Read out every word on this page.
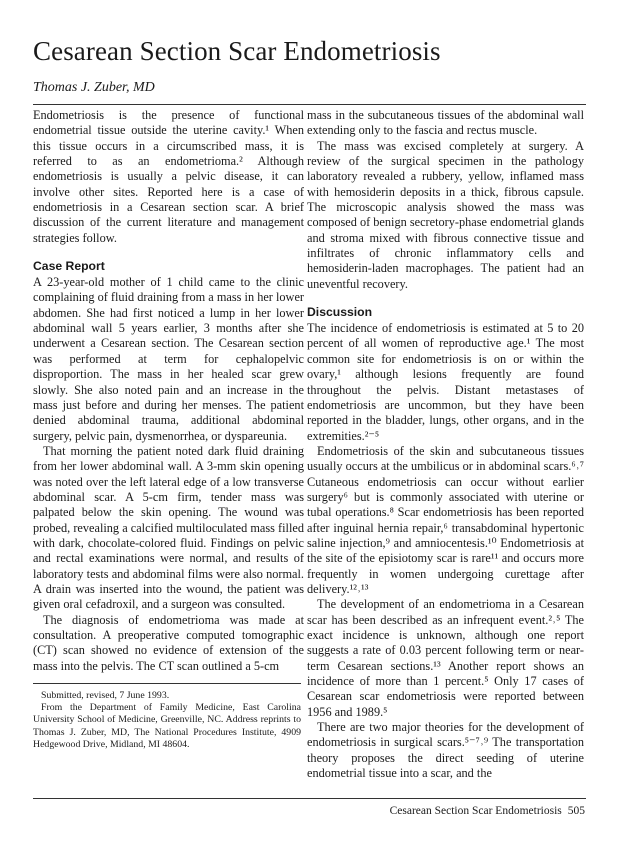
Cesarean Section Scar Endometriosis
Thomas J. Zuber, MD

Endometriosis is the presence of functional endometrial tissue outside the uterine cavity.¹ When this tissue occurs in a circumscribed mass, it is referred to as an endometrioma.² Although endometriosis is usually a pelvic disease, it can involve other sites. Reported here is a case of endometriosis in a Cesarean section scar. A brief discussion of the current literature and management strategies follow.

Case Report

A 23-year-old mother of 1 child came to the clinic complaining of fluid draining from a mass in her lower abdomen. She had first noticed a lump in her lower abdominal wall 5 years earlier, 3 months after she underwent a Cesarean section. The Cesarean section was performed at term for cephalopelvic disproportion. The mass in her healed scar grew slowly. She also noted pain and an increase in the mass just before and during her menses. The patient denied abdominal trauma, additional abdominal surgery, pelvic pain, dysmenorrhea, or dyspareunia.

That morning the patient noted dark fluid draining from her lower abdominal wall. A 3-mm skin opening was noted over the left lateral edge of a low transverse abdominal scar. A 5-cm firm, tender mass was palpated below the skin opening. The wound was probed, revealing a calcified multiloculated mass filled with dark, chocolate-colored fluid. Findings on pelvic and rectal examinations were normal, and results of laboratory tests and abdominal films were also normal. A drain was inserted into the wound, the patient was given oral cefadroxil, and a surgeon was consulted.

The diagnosis of endometrioma was made at consultation. A preoperative computed tomographic (CT) scan showed no evidence of extension of the mass into the pelvis. The CT scan outlined a 5-cm

Submitted, revised, 7 June 1993.

From the Department of Family Medicine, East Carolina University School of Medicine, Greenville, NC. Address reprints to Thomas J. Zuber, MD, The National Procedures Institute, 4909 Hedgewood Drive, Midland, MI 48604.

mass in the subcutaneous tissues of the abdominal wall extending only to the fascia and rectus muscle.

The mass was excised completely at surgery. A review of the surgical specimen in the pathology laboratory revealed a rubbery, yellow, inflamed mass with hemosiderin deposits in a thick, fibrous capsule. The microscopic analysis showed the mass was composed of benign secretory-phase endometrial glands and stroma mixed with fibrous connective tissue and infiltrates of chronic inflammatory cells and hemosiderin-laden macrophages. The patient had an uneventful recovery.

Discussion

The incidence of endometriosis is estimated at 5 to 20 percent of all women of reproductive age.¹ The most common site for endometriosis is on or within the ovary,¹ although lesions frequently are found throughout the pelvis. Distant metastases of endometriosis are uncommon, but they have been reported in the bladder, lungs, other organs, and in the extremities.²⁻⁵

Endometriosis of the skin and subcutaneous tissues usually occurs at the umbilicus or in abdominal scars.⁶˒⁷ Cutaneous endometriosis can occur without earlier surgery⁶ but is commonly associated with uterine or tubal operations.⁸ Scar endometriosis has been reported after inguinal hernia repair,⁶ transabdominal hypertonic saline injection,⁹ and amniocentesis.¹⁰ Endometriosis at the site of the episiotomy scar is rare¹¹ and occurs more frequently in women undergoing curettage after delivery.¹²˒¹³

The development of an endometrioma in a Cesarean scar has been described as an infrequent event.²˒⁵ The exact incidence is unknown, although one report suggests a rate of 0.03 percent following term or near-term Cesarean sections.¹³ Another report shows an incidence of more than 1 percent.⁵ Only 17 cases of Cesarean scar endometriosis were reported between 1956 and 1989.⁵

There are two major theories for the development of endometriosis in surgical scars.⁵⁻⁷˒⁹ The transportation theory proposes the direct seeding of uterine endometrial tissue into a scar, and the

Cesarean Section Scar Endometriosis 505
